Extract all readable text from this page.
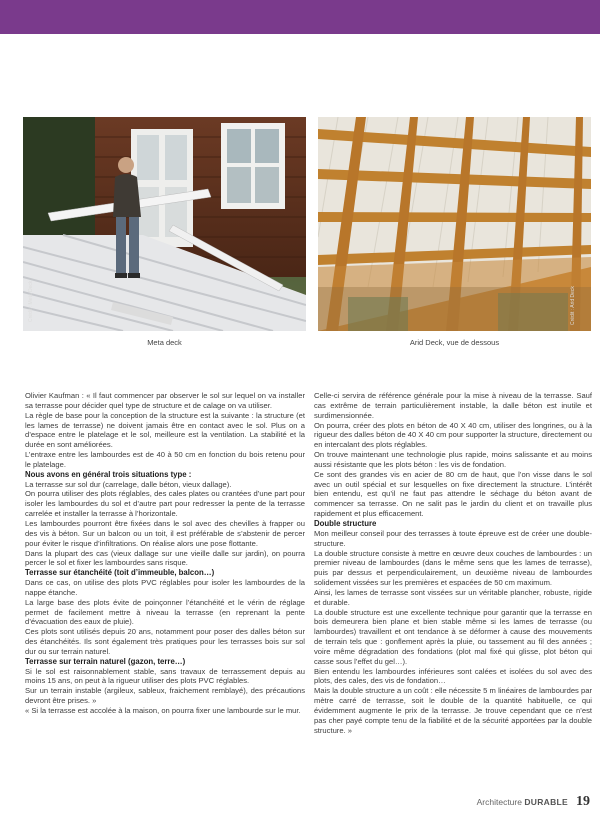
Crédit : Meta Deck	Crédit : Arid Deck
Meta deck	Arid Deck, vue de dessous

Olivier Kaufman : « Il faut commencer par observer le sol sur lequel on va installer sa terrasse pour décider quel type de structure et de calage on va utiliser.

La règle de base pour la conception de la structure est la suivante : la structure (et les lames de terrasse) ne doivent jamais être en contact avec le sol. Plus on a d’espace entre le platelage et le sol, meilleure est la ventilation. La stabilité et la durée en sont améliorées.

L’entraxe entre les lambourdes est de 40 à 50 cm en fonction du bois retenu pour le platelage.

Nous avons en général trois situations type :

La terrasse sur sol dur (carrelage, dalle béton, vieux dallage).

On pourra utiliser des plots réglables, des cales plates ou crantées d’une part pour isoler les lambourdes du sol et d’autre part pour redresser la pente de la terrasse carrelée et installer la terrasse à l’horizontale.

Les lambourdes pourront être fixées dans le sol avec des chevilles à frapper ou des vis à béton. Sur un balcon ou un toit, il est préférable de s’abstenir de percer pour éviter le risque d’infiltrations. On réalise alors une pose flottante.

Dans la plupart des cas (vieux dallage sur une vieille dalle sur jardin), on pourra percer le sol et fixer les lambourdes sans risque.

Terrasse sur étanchéité (toit d’immeuble, balcon…)

Dans ce cas, on utilise des plots PVC réglables pour isoler les lambourdes de la nappe étanche.

La large base des plots évite de poinçonner l’étanchéité et le vérin de réglage permet de facilement mettre à niveau la terrasse (en reprenant la pente d’évacuation des eaux de pluie).

Ces plots sont utilisés depuis 20 ans, notamment pour poser des dalles béton sur des étanchéités. Ils sont également très pratiques pour les terrasses bois sur sol dur ou sur terrain naturel.

Terrasse sur terrain naturel (gazon, terre…)

Si le sol est raisonnablement stable, sans travaux de terrassement depuis au moins 15 ans, on peut à la rigueur utiliser des plots PVC réglables.

Sur un terrain instable (argileux, sableux, fraichement remblayé), des précautions devront être prises. »

« Si la terrasse est accolée à la maison, on pourra fixer une lambourde sur le mur.

Celle-ci servira de référence générale pour la mise à niveau de la terrasse. Sauf cas extrême de terrain particulièrement instable, la dalle béton est inutile et surdimensionnée.

On pourra, créer des plots en béton de 40 X 40 cm, utiliser des longrines, ou à la rigueur des dalles béton de 40 X 40 cm pour supporter la structure, directement ou en intercalant des plots réglables.

On trouve maintenant une technologie plus rapide, moins salissante et au moins aussi résistante que les plots béton : les vis de fondation.

Ce sont des grandes vis en acier de 80 cm de haut, que l’on visse dans le sol avec un outil spécial et sur lesquelles on fixe directement la structure. L’intérêt bien entendu, est qu’il ne faut pas attendre le séchage du béton avant de commencer sa terrasse. On ne salit pas le jardin du client et on travaille plus rapidement et plus efficacement.

Double structure

Mon meilleur conseil pour des terrasses à toute épreuve est de créer une double-structure.

La double structure consiste à mettre en œuvre deux couches de lambourdes : un premier niveau de lambourdes (dans le même sens que les lames de terrasse), puis par dessus et perpendiculairement, un deuxième niveau de lambourdes solidement vissées sur les premières et espacées de 50 cm maximum.

Ainsi, les lames de terrasse sont vissées sur un véritable plancher, robuste, rigide et durable.

La double structure est une excellente technique pour garantir que la terrasse en bois demeurera bien plane et bien stable même si les lames de terrasse (ou lambourdes) travaillent et ont tendance à se déformer à cause des mouvements de terrain tels que : gonflement après la pluie, ou tassement au fil des années ; voire même dégradation des fondations (plot mal fixé qui glisse, plot béton qui casse sous l’effet du gel…).

Bien entendu les lambourdes inférieures sont calées et isolées du sol avec des plots, des cales, des vis de fondation…

Mais la double structure a un coût : elle nécessite 5 m linéaires de lambourdes par mètre carré de terrasse, soit le double de la quantité habituelle, ce qui évidemment augmente le prix de la terrasse. Je trouve cependant que ce n’est pas cher payé compte tenu de la fiabilité et de la sécurité apportées par la double structure. »

Architecture DURABLE 19
